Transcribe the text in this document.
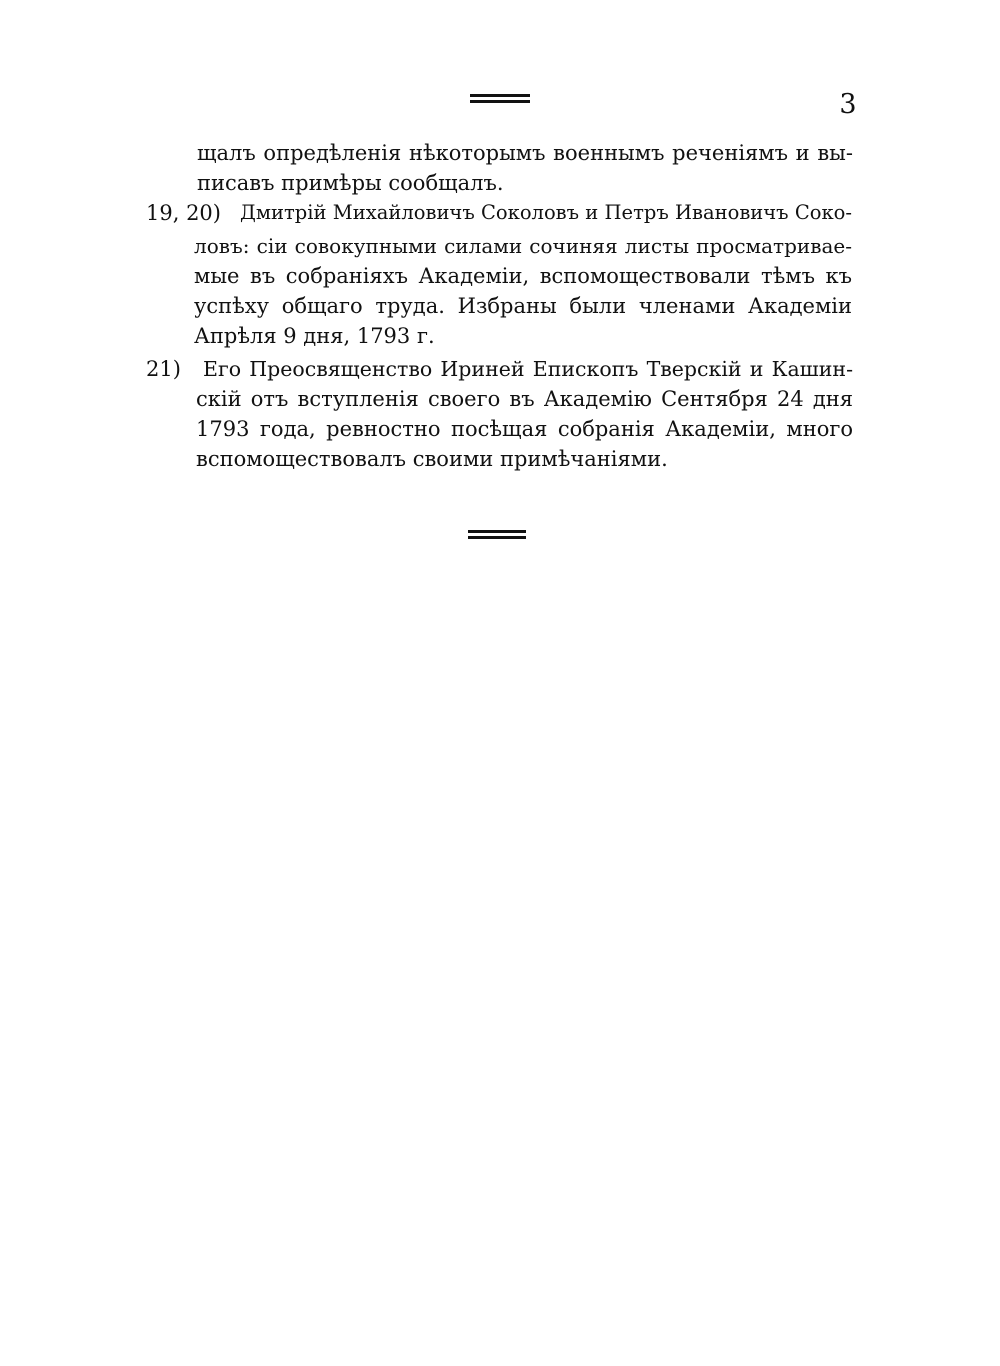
3
щалъ опредѣленія нѣкоторымъ военнымъ реченіямъ и вы-
писавъ примѣры сообщалъ.
19, 20) Дмитрій Михайловичъ Соколовъ и Петръ Ивановичъ Соко-
ловъ: сіи совокупными силами сочиняя листы просматривае-
мые въ собраніяхъ Академіи, вспомоществовали тѣмъ къ
успѣху общаго труда. Избраны были членами Академіи
Апрѣля 9 дня, 1793 г.
21) Его Преосвященство Ириней Епископъ Тверскій и Кашин-
скій отъ вступленія своего въ Академію Сентября 24 дня
1793 года, ревностно посѣщая собранія Академіи, много
вспомоществовалъ своими примѣчаніями.
